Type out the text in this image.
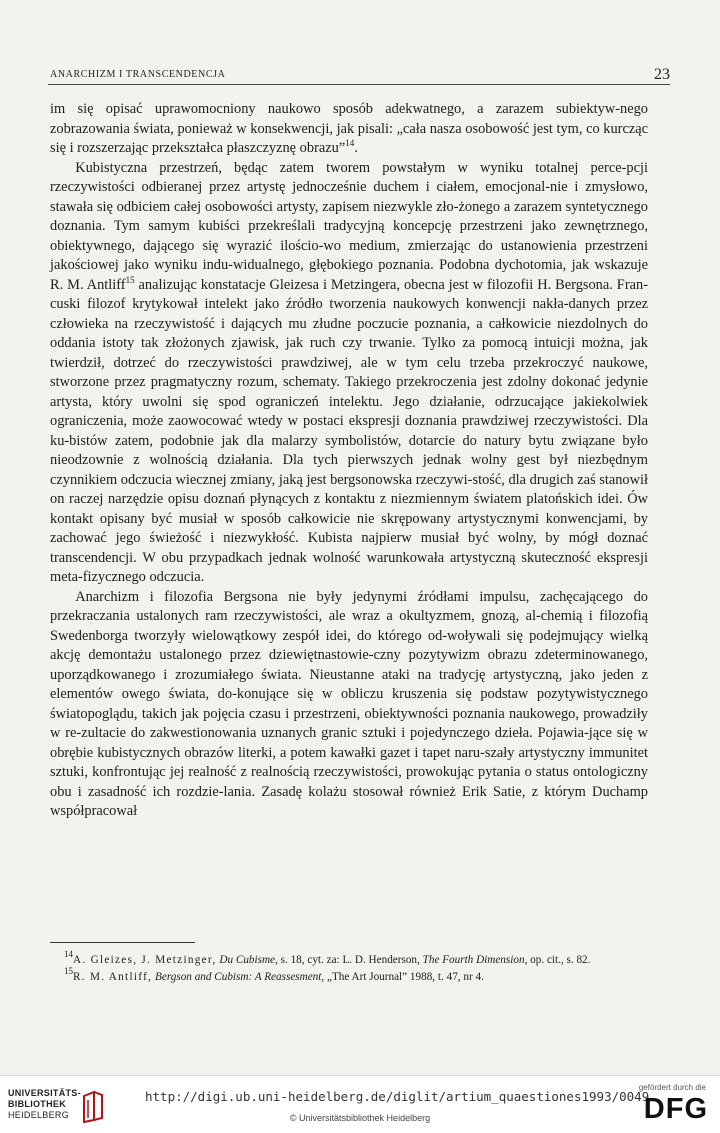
ANARCHIZM I TRANSCENDENCJA	23

im się opisać uprawomocniony naukowo sposób adekwatnego, a zarazem subiektyw-nego zobrazowania świata, ponieważ w konsekwencji, jak pisali: „cała nasza osobowość jest tym, co kurcząc się i rozszerzając przekształca płaszczyznę obrazu”$^{14}$.

Kubistyczna przestrzeń, będąc zatem tworem powstałym w wyniku totalnej perce-pcji rzeczywistości odbieranej przez artystę jednocześnie duchem i ciałem, emocjonal-nie i zmysłowo, stawała się odbiciem całej osobowości artysty, zapisem niezwykle zło-żonego a zarazem syntetycznego doznania. Tym samym kubiści przekreślali tradycyjną koncepcję przestrzeni jako zewnętrznego, obiektywnego, dającego się wyrazić ilościo-wo medium, zmierzając do ustanowienia przestrzeni jakościowej jako wyniku indu-widualnego, głębokiego poznania. Podobna dychotomia, jak wskazuje R. M. Antliff$^{15}$ analizując konstatacje Gleizesa i Metzingera, obecna jest w filozofii H. Bergsona. Fran-cuski filozof krytykował intelekt jako źródło tworzenia naukowych konwencji nakła-danych przez człowieka na rzeczywistość i dających mu złudne poczucie poznania, a całkowicie niezdolnych do oddania istoty tak złożonych zjawisk, jak ruch czy trwanie. Tylko za pomocą intuicji można, jak twierdził, dotrzeć do rzeczywistości prawdziwej, ale w tym celu trzeba przekroczyć naukowe, stworzone przez pragmatyczny rozum, schematy. Takiego przekroczenia jest zdolny dokonać jedynie artysta, który uwolni się spod ograniczeń intelektu. Jego działanie, odrzucające jakiekolwiek ograniczenia, może zaowocować wtedy w postaci ekspresji doznania prawdziwej rzeczywistości. Dla ku-bistów zatem, podobnie jak dla malarzy symbolistów, dotarcie do natury bytu związane było nieodzownie z wolnością działania. Dla tych pierwszych jednak wolny gest był niezbędnym czynnikiem odczucia wiecznej zmiany, jaką jest bergsonowska rzeczywi-stość, dla drugich zaś stanowił on raczej narzędzie opisu doznań płynących z kontaktu z niezmiennym światem platońskich idei. Ów kontakt opisany być musiał w sposób całkowicie nie skrępowany artystycznymi konwencjami, by zachować jego świeżość i niezwykłość. Kubista najpierw musiał być wolny, by mógł doznać transcendencji. W obu przypadkach jednak wolność warunkowała artystyczną skuteczność ekspresji meta-fizycznego odczucia.

Anarchizm i filozofia Bergsona nie były jedynymi źródłami impulsu, zachęcającego do przekraczania ustalonych ram rzeczywistości, ale wraz a okultyzmem, gnozą, al-chemią i filozofią Swedenborga tworzyły wielowątkowy zespół idei, do którego od-woływali się podejmujący wielką akcję demontażu ustalonego przez dziewiętnastowie-czny pozytywizm obrazu zdeterminowanego, uporządkowanego i zrozumiałego świata. Nieustanne ataki na tradycję artystyczną, jako jeden z elementów owego świata, do-konujące się w obliczu kruszenia się podstaw pozytywistycznego światopoglądu, takich jak pojęcia czasu i przestrzeni, obiektywności poznania naukowego, prowadziły w re-zultacie do zakwestionowania uznanych granic sztuki i pojedynczego dzieła. Pojawia-jące się w obrębie kubistycznych obrazów literki, a potem kawałki gazet i tapet naru-szały artystyczny immunitet sztuki, konfrontując jej realność z realnością rzeczywistości, prowokując pytania o status ontologiczny obu i zasadność ich rozdzie-lania. Zasadę kolażu stosował również Erik Satie, z którym Duchamp współpracował

$^{14}$A. Gleizes, J. Metzinger, Du Cubisme, s. 18, cyt. za: L. D. Henderson, The Fourth Dimension, op. cit., s. 82.

$^{15}$R. M. Antliff, Bergson and Cubism: A Reassesment, „The Art Journal” 1988, t. 47, nr 4.

UNIVERSITÄTS-
BIBLIOTHEK
HEIDELBERG
http://digi.ub.uni-heidelberg.de/diglit/artium_quaestiones1993/0049
© Universitätsbibliothek Heidelberg
gefördert durch die
DFG
